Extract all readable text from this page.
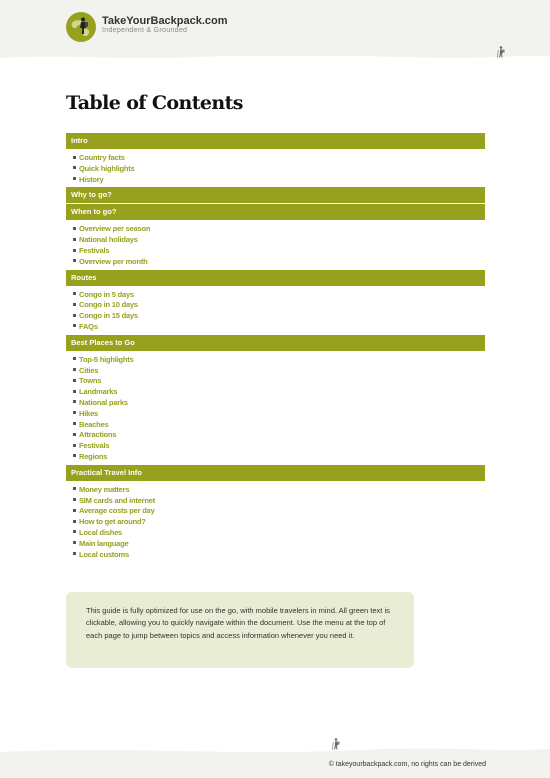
TakeYourBackpack.com
Independent & Grounded
Table of Contents
Intro
Country facts
Quick highlights
History
Why to go?
When to go?
Overview per season
National holidays
Festivals
Overview per month
Routes
Congo in 5 days
Congo in 10 days
Congo in 15 days
FAQs
Best Places to Go
Top-5 highlights
Cities
Towns
Landmarks
National parks
Hikes
Beaches
Attractions
Festivals
Regions
Practical Travel Info
Money matters
SIM cards and internet
Average costs per day
How to get around?
Local dishes
Main language
Local customs
This guide is fully optimized for use on the go, with mobile travelers in mind. All green text is clickable, allowing you to quickly navigate within the document. Use the menu at the top of each page to jump between topics and access information whenever you need it.
© takeyourbackpack.com, no rights can be derived
